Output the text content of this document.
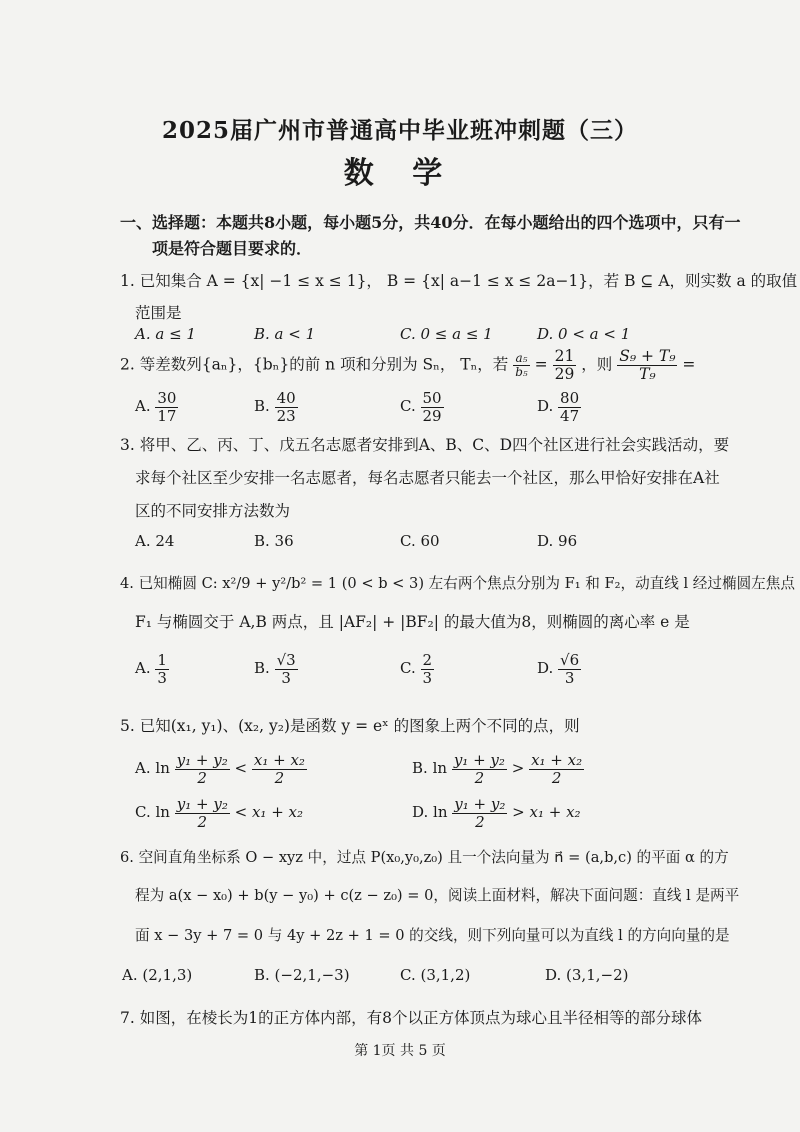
2025届广州市普通高中毕业班冲刺题（三）
数 学
一、选择题：本题共8小题，每小题5分，共40分．在每小题给出的四个选项中，只有一
项是符合题目要求的．
1. 已知集合 A = {x| −1 ≤ x ≤ 1}， B = {x| a−1 ≤ x ≤ 2a−1}，若 B ⊆ A，则实数 a 的取值
范围是
A. a ≤ 1	B. a < 1	C. 0 ≤ a ≤ 1	D. 0 < a < 1
2. 等差数列{aₙ}，{bₙ}的前 n 项和分别为 Sₙ， Tₙ，若 $\frac{\text{a₅}}{\text{b₅}} = \frac{21}{29}$ ，则 $\frac{\text{S₉ + T₉}}{\text{T₉}}$ =
A. $\frac{30}{17}$	B. $\frac{40}{23}$	C. $\frac{50}{29}$	D. $\frac{80}{47}$
3. 将甲、乙、丙、丁、戊五名志愿者安排到A、B、C、D四个社区进行社会实践活动，要
求每个社区至少安排一名志愿者，每名志愿者只能去一个社区，那么甲恰好安排在A社
区的不同安排方法数为
A. 24	B. 36	C. 60	D. 96
4. 已知椭圆 C: x²/9 + y²/b² = 1 (0 < b < 3) 左右两个焦点分别为 F₁ 和 F₂，动直线 l 经过椭圆左焦点
F₁ 与椭圆交于 A,B 两点，且 |AF₂| + |BF₂| 的最大值为8，则椭圆的离心率 e 是
A. $\frac{1}{3}$	B. $\frac{√3}{3}$	C. $\frac{2}{3}$	D. $\frac{√6}{3}$
5. 已知(x₁, y₁)、(x₂, y₂)是函数 y = eˣ 的图象上两个不同的点，则
A. $\ln \frac{\text{y₁ + y₂}}{2} < \frac{\text{x₁ + x₂}}{2}$	B. $\ln \frac{\text{y₁ + y₂}}{2} > \frac{\text{x₁ + x₂}}{2}$
C. $\ln \frac{\text{y₁ + y₂}}{2} < x_1 + x_2$	D. $\ln \frac{\text{y₁ + y₂}}{2} > x_1 + x_2$
6. 空间直角坐标系 O − xyz 中，过点 P(x₀,y₀,z₀) 且一个法向量为 n⃗ = (a,b,c) 的平面 α 的方
程为 a(x − x₀) + b(y − y₀) + c(z − z₀) = 0，阅读上面材料，解决下面问题：直线 l 是两平
面 x − 3y + 7 = 0 与 4y + 2z + 1 = 0 的交线，则下列向量可以为直线 l 的方向向量的是
A. (2,1,3)	B. (−2,1,−3)	C. (3,1,2)	D. (3,1,−2)
7. 如图，在棱长为1的正方体内部，有8个以正方体顶点为球心且半径相等的部分球体
第 1页 共 5 页
